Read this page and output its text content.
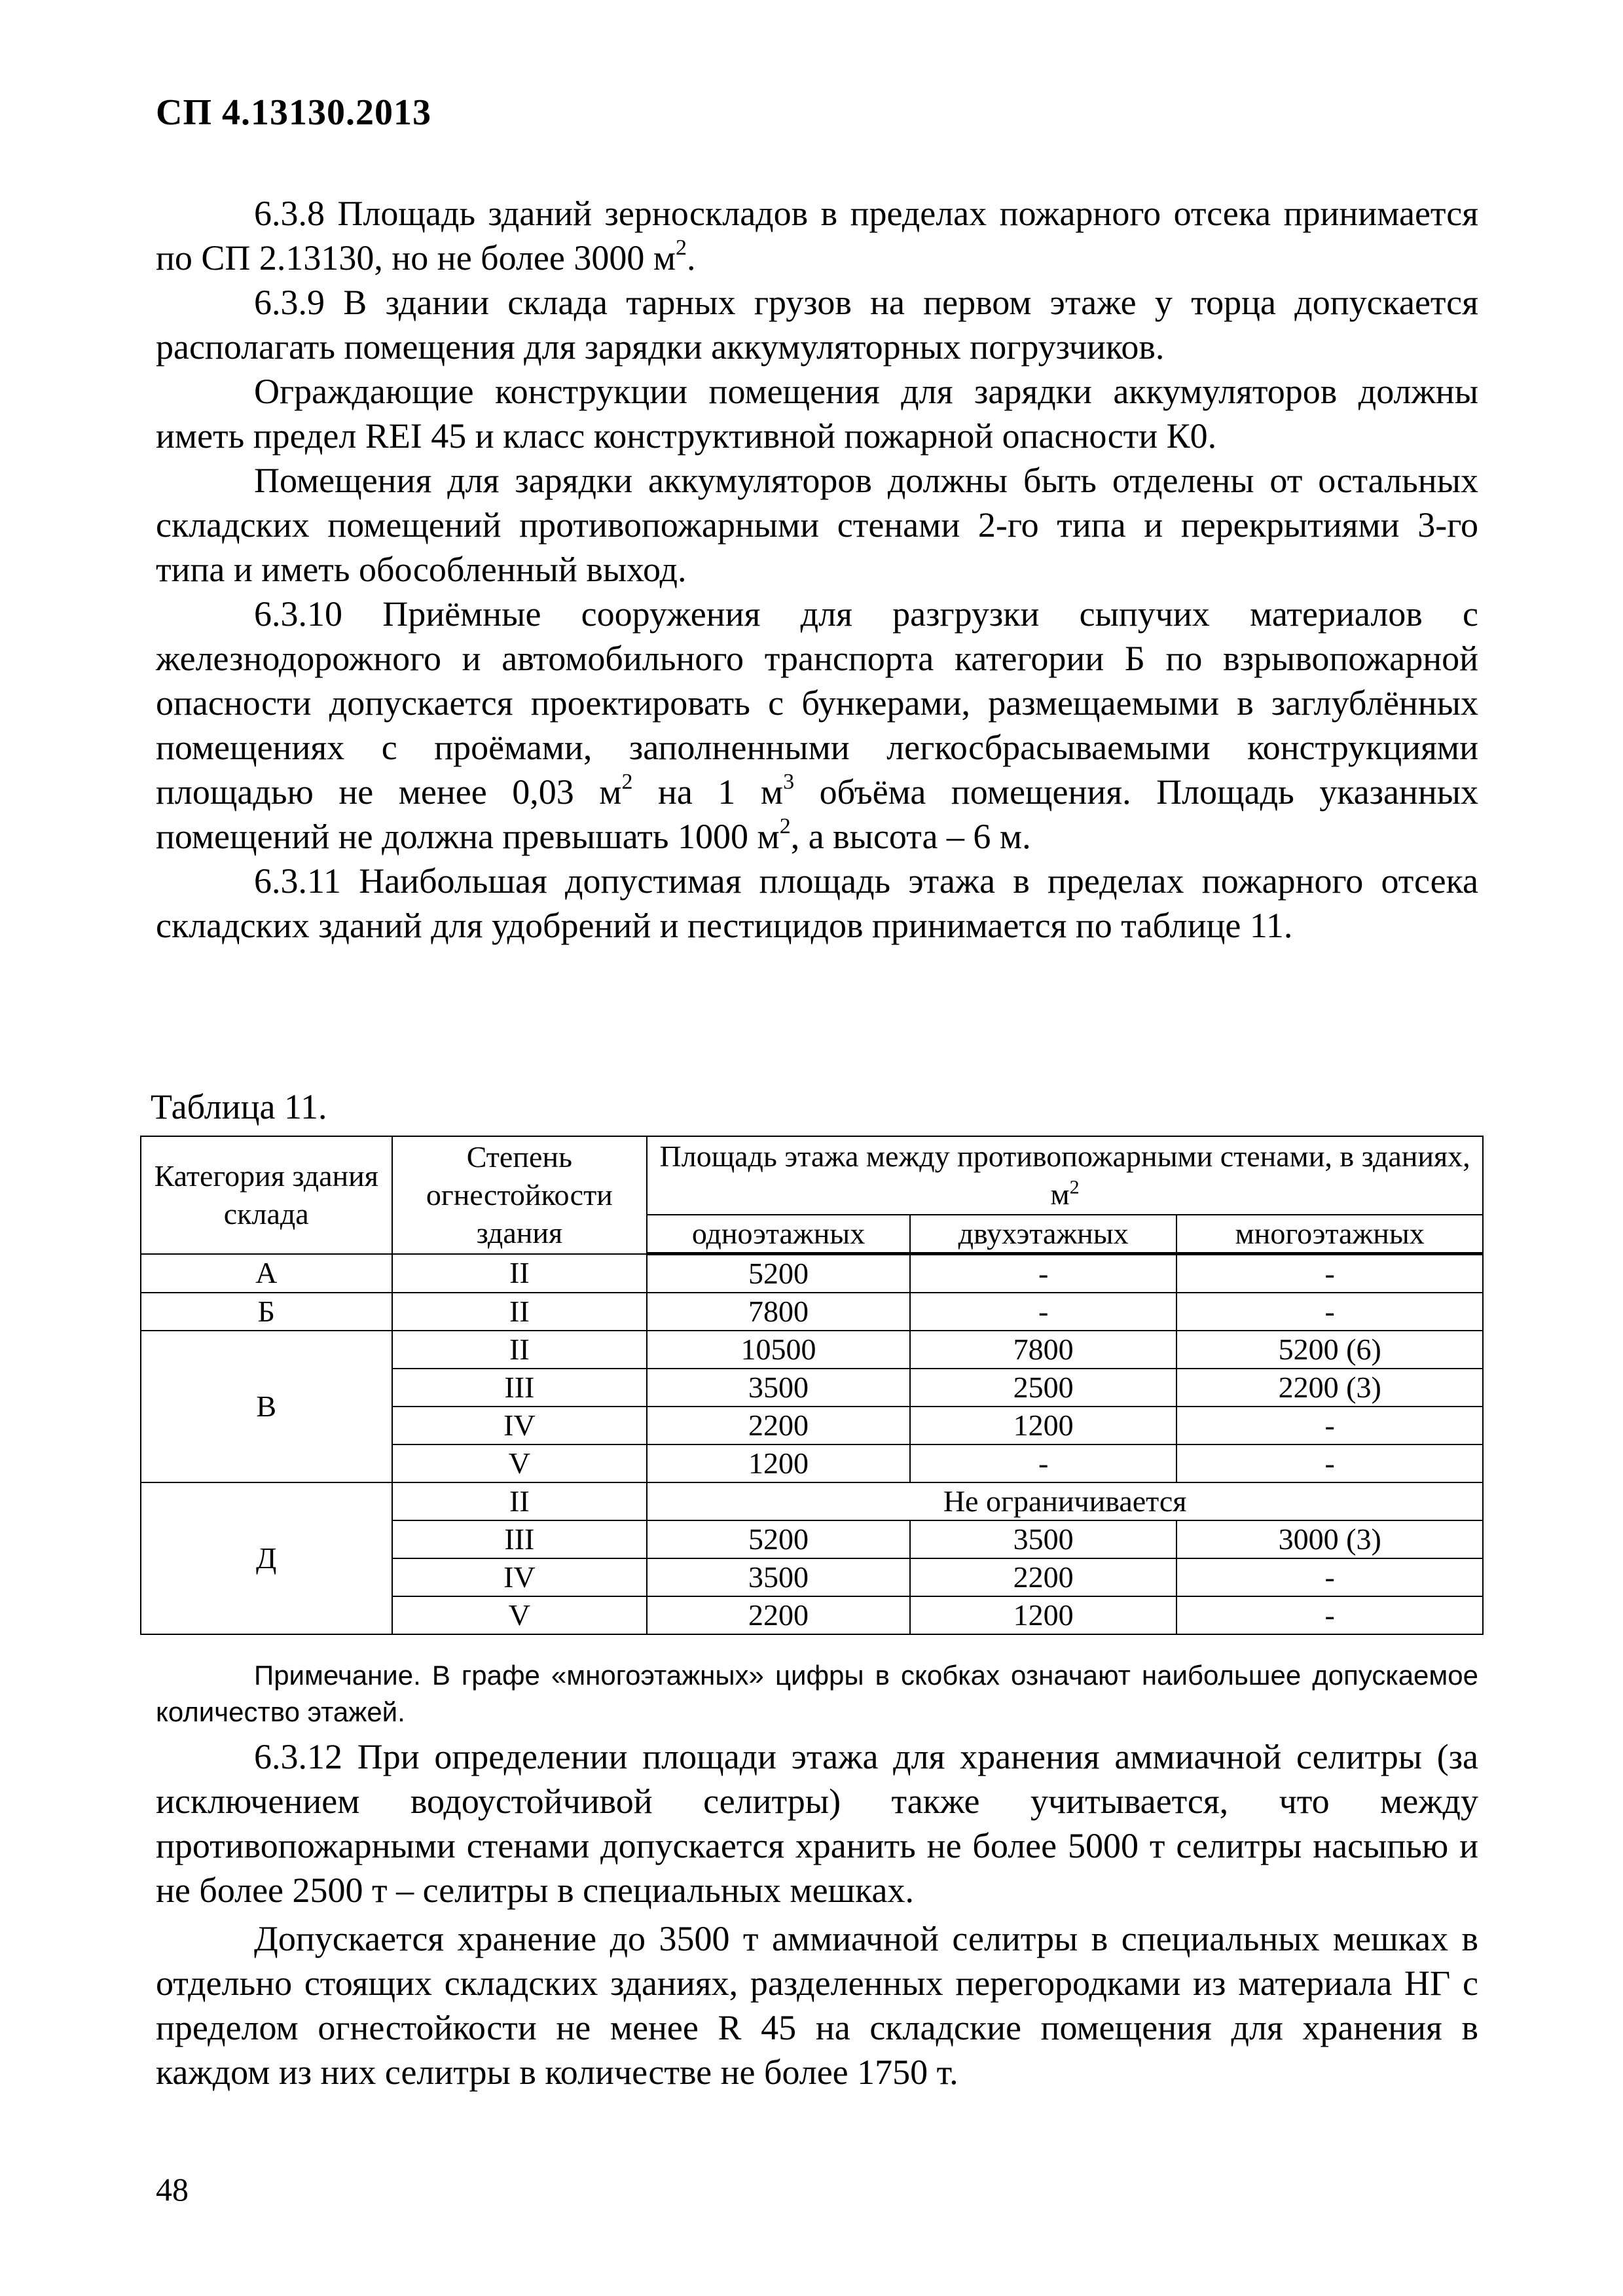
СП 4.13130.2013

6.3.8 Площадь зданий зерноскладов в пределах пожарного отсека принимается по СП 2.13130, но не более 3000 $м^2$.

6.3.9 В здании склада тарных грузов на первом этаже у торца допускается располагать помещения для зарядки аккумуляторных погрузчиков.

Ограждающие конструкции помещения для зарядки аккумуляторов должны иметь предел REI 45 и класс конструктивной пожарной опасности К0.

Помещения для зарядки аккумуляторов должны быть отделены от остальных складских помещений противопожарными стенами 2-го типа и перекрытиями 3-го типа и иметь обособленный выход.

6.3.10 Приёмные сооружения для разгрузки сыпучих материалов с железнодорожного и автомобильного транспорта категории Б по взрывопожарной опасности допускается проектировать с бункерами, размещаемыми в заглублённых помещениях с проёмами, заполненными легкосбрасываемыми конструкциями площадью не менее 0,03 $м^2$ на 1 $м^3$ объёма помещения. Площадь указанных помещений не должна превышать 1000 $м^2$, а высота – 6 м.

6.3.11 Наибольшая допустимая площадь этажа в пределах пожарного отсека складских зданий для удобрений и пестицидов принимается по таблице 11.

Таблица 11.
Категория здания склада	Степень огнестойкости здания	Площадь этажа между противопожарными стенами, в зданиях, $м^2$
		одноэтажных	двухэтажных	многоэтажных
А	II	5200	-	-
Б	II	7800	-	-
В	II	10500	7800	5200 (6)
	III	3500	2500	2200 (3)
	IV	2200	1200	-
	V	1200	-	-
Д	II	Не ограничивается		
	III	5200	3500	3000 (3)
	IV	3500	2200	-
	V	2200	1200	-
Примечание. В графе «многоэтажных» цифры в скобках означают наибольшее допускаемое количество этажей.

6.3.12 При определении площади этажа для хранения аммиачной селитры (за исключением водоустойчивой селитры) также учитывается, что между противопожарными стенами допускается хранить не более 5000 т селитры насыпью и не более 2500 т – селитры в специальных мешках.

Допускается хранение до 3500 т аммиачной селитры в специальных мешках в отдельно стоящих складских зданиях, разделенных перегородками из материала НГ с пределом огнестойкости не менее R 45 на складские помещения для хранения в каждом из них селитры в количестве не более 1750 т.

48
